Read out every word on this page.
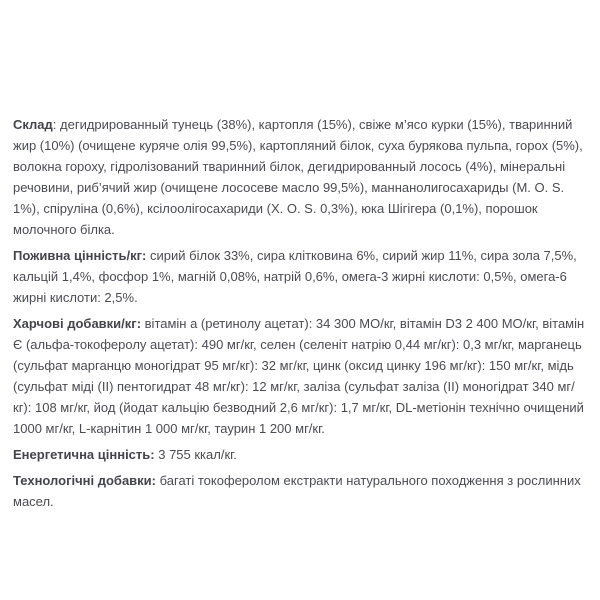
Склад: дегидрированный тунець (38%), картопля (15%), свіже м’ясо курки (15%), тваринний жир (10%) (очищене куряче олія 99,5%), картопляний білок, суха бурякова пульпа, горох (5%), волокна гороху, гідролізований тваринний білок, дегидрированный лосось (4%), мінеральні речовини, риб’ячий жир (очищене лососеве масло 99,5%), маннанолигосахариды (M. O. S. 1%), спіруліна (0,6%), ксілоолігосахариди (X. O. S. 0,3%), юка Шігігера (0,1%), порошок молочного білка.

Поживна цінність/кг: сирий білок 33%, сира клітковина 6%, сирий жир 11%, сира зола 7,5%, кальцій 1,4%, фосфор 1%, магній 0,08%, натрій 0,6%, омега-3 жирні кислоти: 0,5%, омега-6 жирні кислоти: 2,5%.

Харчові добавки/кг: вітамін а (ретинолу ацетат): 34 300 МО/кг, вітамін D3 2 400 МО/кг, вітамін Є (альфа-токоферолу ацетат): 490 мг/кг, селен (селеніт натрію 0,44 мг/кг): 0,3 мг/кг, марганець (сульфат марганцю моногідрат 95 мг/кг): 32 мг/кг, цинк (оксид цинку 196 мг/кг): 150 мг/кг, мідь (сульфат міді (II) пентогидрат 48 мг/кг): 12 мг/кг, заліза (сульфат заліза (II) моногідрат 340 мг/кг): 108 мг/кг, йод (йодат кальцію безводний 2,6 мг/кг): 1,7 мг/кг, DL-метіонін технічно очищений 1000 мг/кг, L-карнітин 1 000 мг/кг, таурин 1 200 мг/кг.

Енергетична цінність: 3 755 ккал/кг.

Технологічні добавки: багаті токоферолом екстракти натурального походження з рослинних масел.
